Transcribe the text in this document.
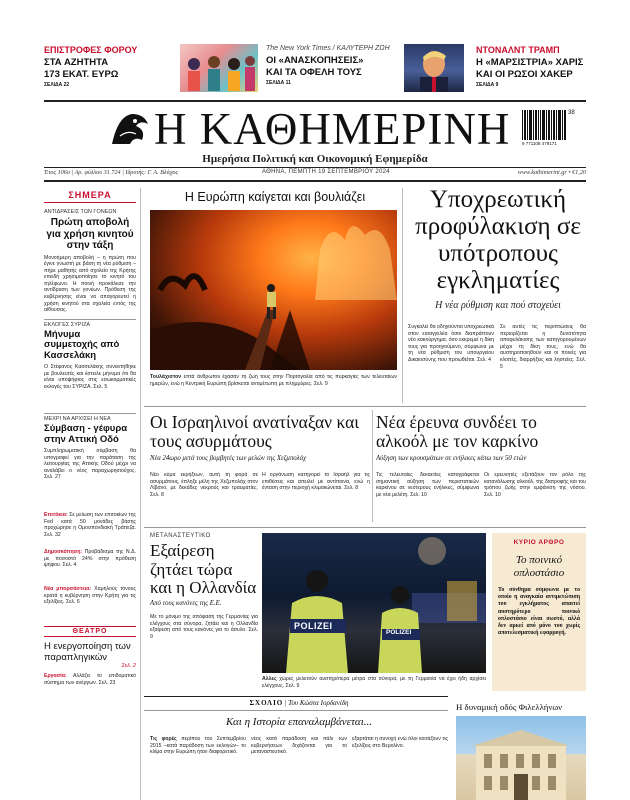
ΕΠΙΣΤΡΟΦΕΣ ΦΟΡΟΥ
ΣΤΑ ΑΖΗΤΗΤΑ
173 ΕΚΑΤ. ΕΥΡΩ
ΣΕΛΙΔΑ 22
The New York Times / ΚΑΛΥΤΕΡΗ ΖΩΗ
ΟΙ «ΑΝΑΣΚΟΠΗΣΕΙΣ»
ΚΑΙ ΤΑ ΟΦΕΛΗ ΤΟΥΣ
ΣΕΛΙΔΑ 11
ΝΤΟΝΑΛΝΤ ΤΡΑΜΠ
Η «ΜΑΡΣΙΣΤΡΙΑ» ΧΑΡΙΣ
ΚΑΙ ΟΙ ΡΩΣΟΙ ΧΑΚΕΡ
ΣΕΛΙΔΑ 9
Η ΚΑΘΗΜΕΡΙΝΗ	38
9 771108 479171
Ημερήσια Πολιτική και Οικονομική Εφημερίδα
Έτος 106ο | Αρ. φύλλου 31.724 | Ιδρυτής: Γ. Α. Βλάχος	ΑΘΗΝΑ, ΠΕΜΠΤΗ 19 ΣΕΠΤΕΜΒΡΙΟΥ 2024	www.kathimerini.gr • €1,20
ΣΗΜΕΡΑ
ΑΝΤΙΔΡΑΣΕΙΣ ΤΩΝ ΓΟΝΕΩΝ
Πρώτη αποβολή για χρήση κινητού στην τάξη
Μονοήμερη αποβολή – η πρώτη που έγινε γνωστή με βάση τη νέα ρύθμιση – πήρε μαθητής από σχολείο της Κρήτης επειδή χρησιμοποίησε το κινητό του τηλέφωνο. Η ποινή προκάλεσε την αντίδραση των γονέων. Πρόθεση της κυβέρνησης είναι να απαγορευτεί η χρήση κινητού στα σχολεία εντός της αίθουσας.
ΕΚΛΟΓΕΣ ΣΥΡΙΖΑ
Μήνυμα συμμετοχής από Κασσελάκη
Ο Στέφανος Κασσελάκης συναντήθηκε με βουλευτές και έστειλε μήνυμα ότι θα είναι υποψήφιος στις εσωκομματικές εκλογές του ΣΥΡΙΖΑ. Σελ. 5
ΜΕΧΡΙ ΝΑ ΑΡΧΙΣΕΙ Η ΝΕΑ
Σύμβαση - γέφυρα στην Αττική Οδό
Συμπληρωματική σύμβαση θα υπογραφεί για την παράταση της λειτουργίας της Αττικής Οδού μέχρι να αναλάβει ο νέος παραχωρησιούχος. Σελ. 27
Επιτόκια: Σε μείωση των επιτοκίων της Fed κατά 50 μονάδες βάσης προχώρησε η Ομοσπονδιακή Τράπεζα. Σελ. 32
Δημοσκόπηση: Προβάδισμα της Ν.Δ. με ποσοστό 24% στην πρόθεση ψήφου. Σελ. 4
Νέα μπορσάστεια: Χαμηλούς τόνους κρατά η κυβέρνηση στην Κρήτη για τις εξελίξεις. Σελ. 6
ΘΕΑΤΡΟ
Η ενεργοποίηση των παραπληγικών
Σελ. 2
Εργασία: Αλλάζει το επιδοματικό σύστημα των ανέργων. Σελ. 23
Η Ευρώπη καίγεται και βουλιάζει
Τουλάχιστον επτά άνθρωποι έχασαν τη ζωή τους στην Πορτογαλία από τις πυρκαγιές των τελευταίων ημερών, ενώ η Κεντρική Ευρώπη βρίσκεται αντιμέτωπη με πλημμύρες. Σελ. 9
Υποχρεωτική προφύλακιση σε υπότροπους εγκληματίες
Η νέα ρύθμιση και πού στοχεύει
Συγκαλεί θα οδηγούνται υποχρεωτικά στον εισαγγελέα όσοι διαπράττουν νέο κακούργημα, όσο εκκρεμεί η δίκη τους για προηγούμενο, σύμφωνα με τη νέα ρύθμιση του υπουργείου Δικαιοσύνης που προωθείται. Σελ. 4
Σε αυτές τις περιπτώσεις θα περιορίζεται η δυνατότητα αποφυλάκισης των κατηγορουμένων μέχρι τη δίκη τους, ενώ θα αυστηροποιηθούν και οι ποινές για κλοπές, διαρρήξεις και ληστείες. Σελ. 5
Οι Ισραηλινοί ανατίναξαν και τους ασυρμάτους
Νέα 24ωρο μετά τους βομβητές των μελών της Χεζμπολάχ
Νέο κύμα εκρήξεων, αυτή τη φορά σε ασυρμάτους, έπληξε μέλη της Χεζμπολάχ στον Λίβανο, με δεκάδες νεκρούς και τραυματίες. Σελ. 8
Η οργάνωση κατηγορεί το Ισραήλ για τις επιθέσεις και απειλεί με αντίποινα, ενώ η ένταση στην περιοχή κλιμακώνεται. Σελ. 8
Νέα έρευνα συνδέει το αλκοόλ με τον καρκίνο
Αύξηση των κρουσμάτων σε ενήλικες κάτω των 50 ετών
Τις τελευταίες δεκαετίες καταγράφεται σημαντική αύξηση των περιστατικών καρκίνου σε νεότερους ενήλικες, σύμφωνα με νέα μελέτη. Σελ. 10
Οι ερευνητές εξετάζουν τον ρόλο της κατανάλωσης αλκοόλ, της διατροφής και του τρόπου ζωής στην εμφάνιση της νόσου. Σελ. 10
ΜΕΤΑΝΑΣΤΕΥΤΙΚΟ
Εξαίρεση ζητάει τώρα και η Ολλανδία
Από τους κανόνες της Ε.Ε.
Με το μόνιμο της απόφαση της Γερμανίας για ελέγχους στα σύνορα, ζητάει και η Ολλανδία εξαίρεση από τους κανόνες για το άσυλο. Σελ. 9
POLIZEI
POLIZEI
Αλλες χώρες μελετούν αυστηρότερα μέτρα στα σύνορα, με τη Γερμανία να έχει ήδη αρχίσει ελέγχους. Σελ. 9
ΚΥΡΙΟ ΑΡΘΡΟ
Το ποινικό οπλοστάσιο
Το σύνθημα σύμφωνα με το οποίο η αναγκαία αντιμετώπιση του εγκλήματος απαιτεί αυστηρότερο ποινικό οπλοστάσιο είναι σωστό, αλλά δεν αρκεί από μόνο του χωρίς αποτελεσματική εφαρμογή.
ΣΧΟΛΙΟ | Του Κώστα Ιορδανίδη
Και η Ιστορία επαναλαμβάνεται...
Τις φορές περίπου του Σεπτεμβρίου 2015 –κατά παράδοση των εκλογών– το κλίμα στην Ευρώπη ήταν διαφορετικό.
νέος κατά παράδοση και πάλι των κυβερνήσεων διχάζονται για το μεταναστευτικό.
εξαρτάται η συνοχή ενώ όλοι κοιτάζουν τις εξελίξεις στο Βερολίνο.
Η δυναμική οδός Φιλελλήνων
